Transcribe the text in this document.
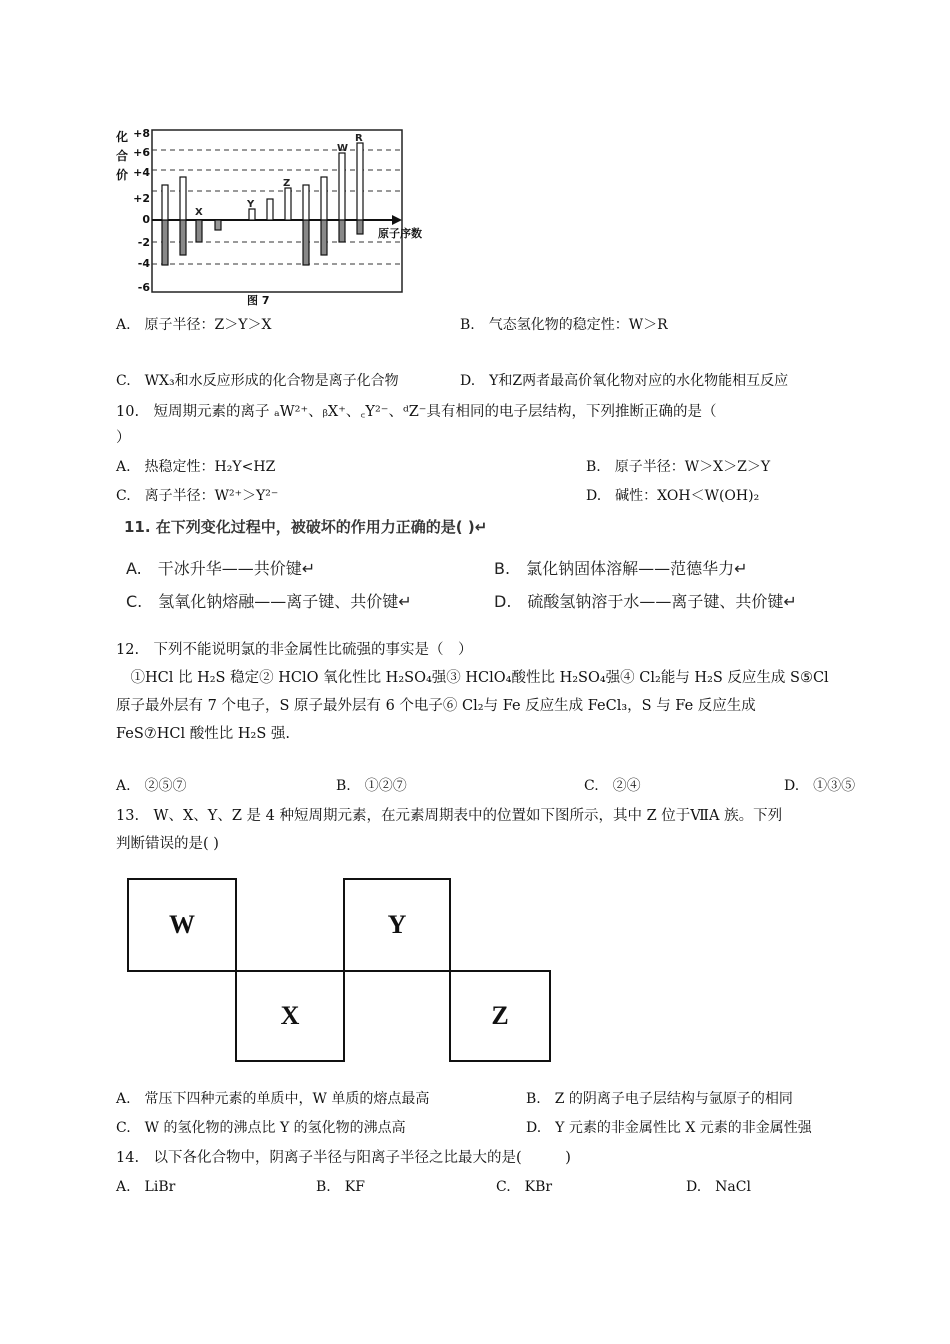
X
Y
Z
W
R
化
合
价
+8
+6
+4
+2
0
-2
-4
-6
原子序数
图 7
A.　原子半径：Z＞Y＞X	B.　气态氢化物的稳定性：W＞R
C.　WX₃和水反应形成的化合物是离子化合物	D.　Y和Z两者最高价氧化物对应的水化物能相互反应
10.　短周期元素的离子 ₐW²⁺、ᵦX⁺、꜀Y²⁻、ᵈZ⁻具有相同的电子层结构，下列推断正确的是（
）
A.　热稳定性：H₂Y<HZ	B.　原子半径：W＞X＞Z＞Y
C.　离子半径：W²⁺＞Y²⁻	D.　碱性：XOH＜W(OH)₂
11. 在下列变化过程中，被破坏的作用力正确的是( )↵
A.　干冰升华——共价键↵	B.　氯化钠固体溶解——范德华力↵
C.　氢氧化钠熔融——离子键、共价键↵	D.　硫酸氢钠溶于水——离子键、共价键↵
12.　下列不能说明氯的非金属性比硫强的事实是（　）
　①HCl 比 H₂S 稳定② HClO 氧化性比 H₂SO₄强③ HClO₄酸性比 H₂SO₄强④ Cl₂能与 H₂S 反应生成 S⑤Cl
原子最外层有 7 个电子，S 原子最外层有 6 个电子⑥ Cl₂与 Fe 反应生成 FeCl₃，S 与 Fe 反应生成
FeS⑦HCl 酸性比 H₂S 强.
A.　②⑤⑦	B.　①②⑦	C.　②④	D.　①③⑤
13.　W、X、Y、Z 是 4 种短周期元素，在元素周期表中的位置如下图所示，其中 Z 位于ⅦA 族。下列
判断错误的是( )
W	Y
X	Z
A.　常压下四种元素的单质中，W 单质的熔点最高	B.　Z 的阴离子电子层结构与氩原子的相同
C.　W 的氢化物的沸点比 Y 的氢化物的沸点高	D.　Y 元素的非金属性比 X 元素的非金属性强
14.　以下各化合物中，阴离子半径与阳离子半径之比最大的是(　　　)
A.　LiBr	B.　KF	C.　KBr	D.　NaCl
